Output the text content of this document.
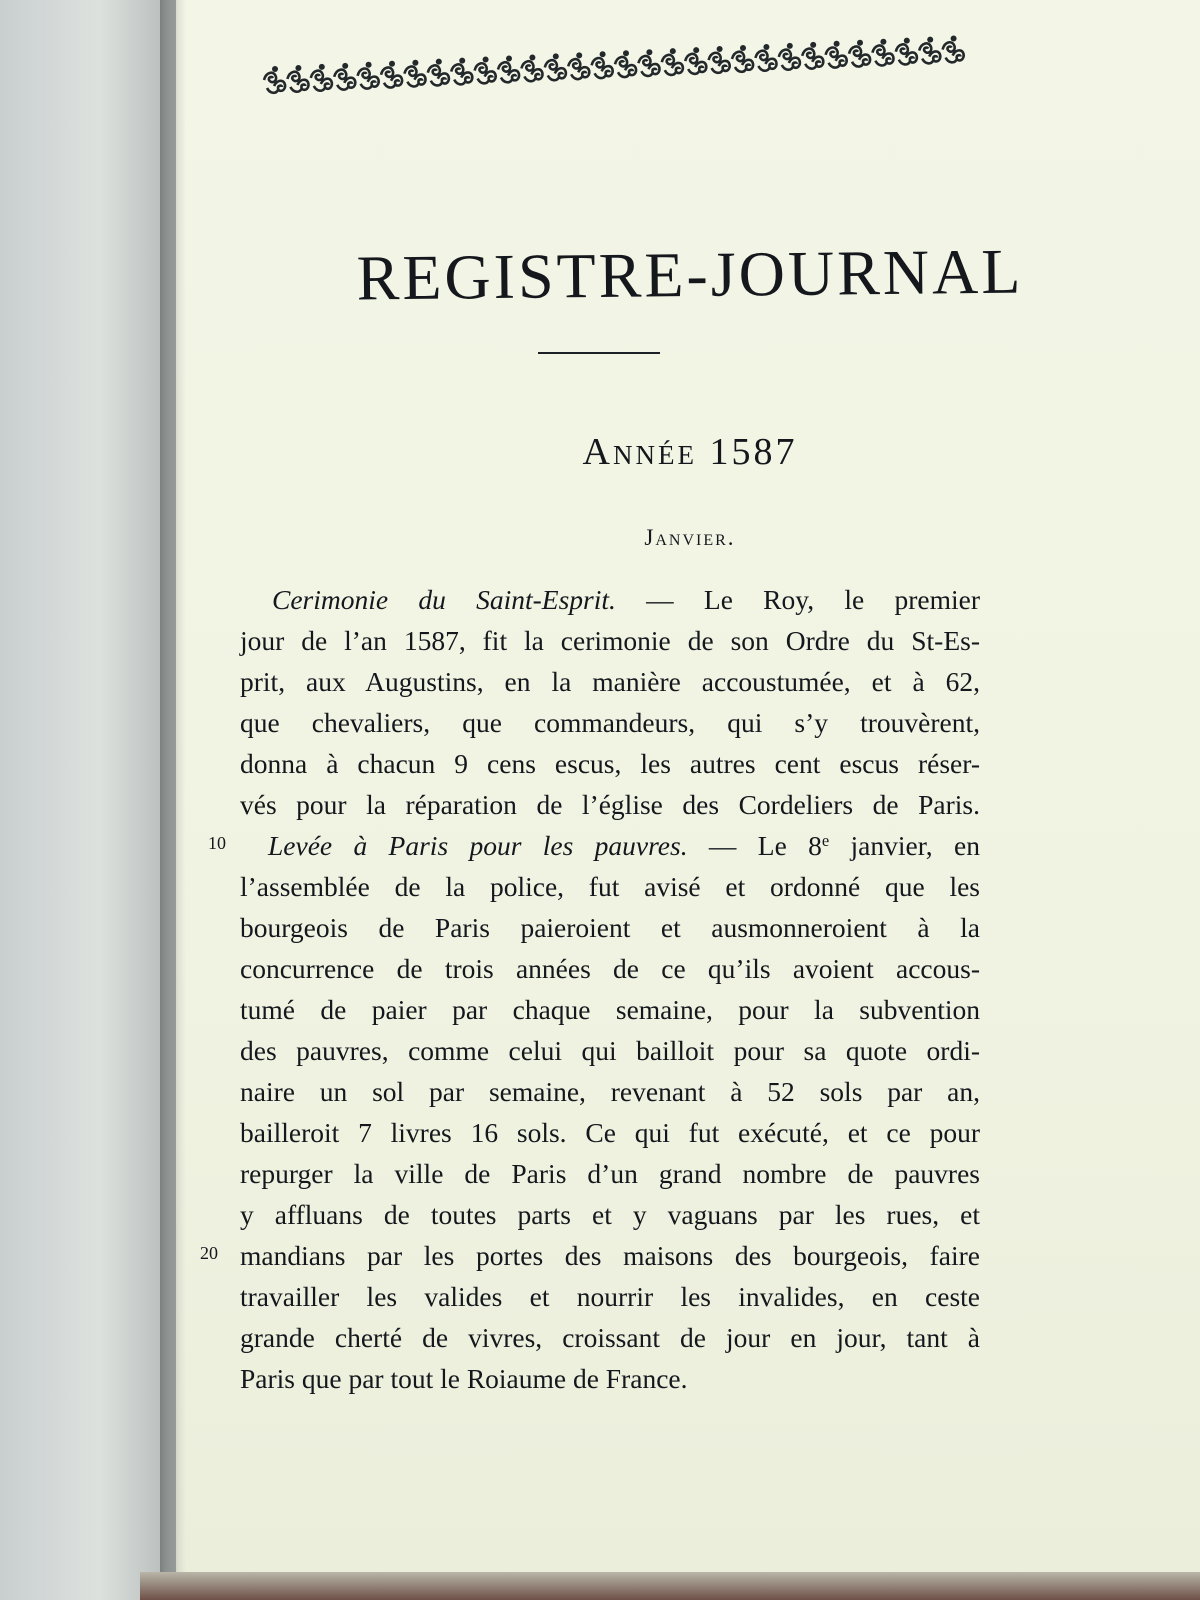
REGISTRE-JOURNAL
Année 1587
Janvier.
Cerimonie du Saint-Esprit. — Le Roy, le premier
jour de l’an 1587, fit la cerimonie de son Ordre du St-Es-
prit, aux Augustins, en la manière accoustumée, et à 62,
que chevaliers, que commandeurs, qui s’y trouvèrent,
donna à chacun 9 cens escus, les autres cent escus réser-
vés pour la réparation de l’église des Cordeliers de Paris.
10 Levée à Paris pour les pauvres. — Le 8e janvier, en
l’assemblée de la police, fut avisé et ordonné que les
bourgeois de Paris paieroient et ausmonneroient à la
concurrence de trois années de ce qu’ils avoient accous-
tumé de paier par chaque semaine, pour la subvention
des pauvres, comme celui qui bailloit pour sa quote ordi-
naire un sol par semaine, revenant à 52 sols par an,
bailleroit 7 livres 16 sols. Ce qui fut exécuté, et ce pour
repurger la ville de Paris d’un grand nombre de pauvres
y affluans de toutes parts et y vaguans par les rues, et
20 mandians par les portes des maisons des bourgeois, faire
travailler les valides et nourrir les invalides, en ceste
grande cherté de vivres, croissant de jour en jour, tant à
Paris que par tout le Roiaume de France.
